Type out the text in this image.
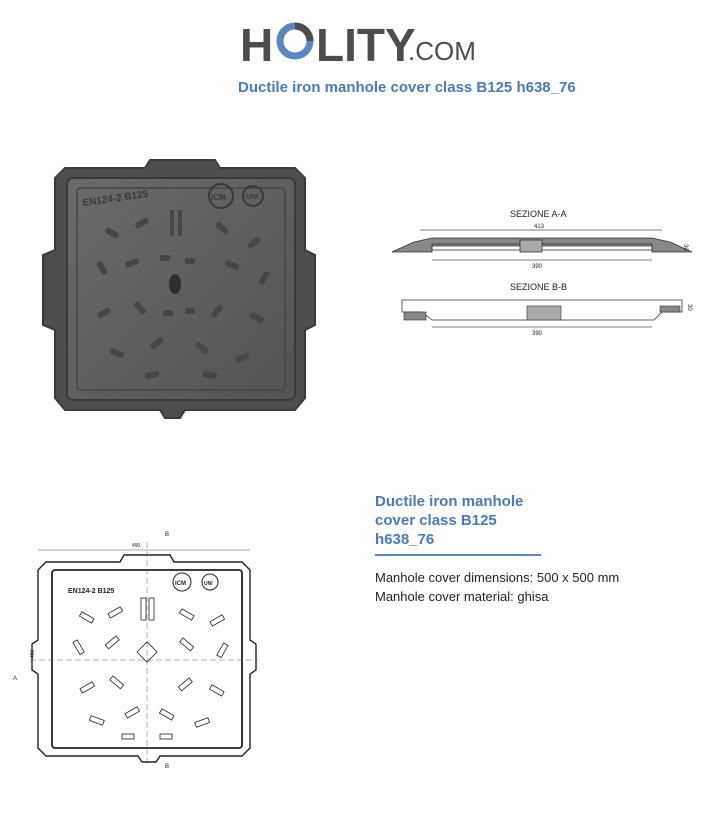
H LITY
.COM
Ductile iron manhole cover class B125 h638_76
EN124-2 B125	ICM	UNI
SEZIONE A-A
413
390
30
SEZIONE B-B
390
30
490
490
A
B
B
EN124-2 B125
ICM	UNI
Ductile iron manhole
cover class B125
h638_76
Manhole cover dimensions: 500 x 500 mm
Manhole cover material: ghisa
